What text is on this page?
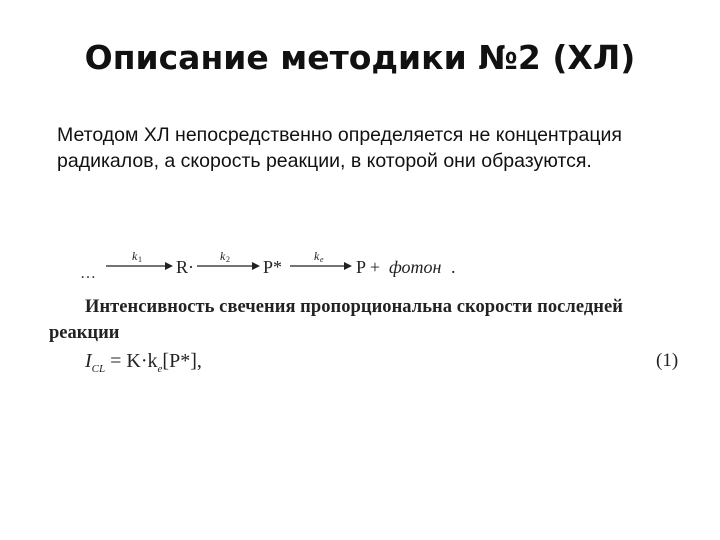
Описание методики №2 (ХЛ)
Методом ХЛ непосредственно определяется не концентрация радикалов, а скорость реакции, в которой они образуются.
…
k 1 R·
k 2 P*
k e P + фотон .
Интенсивность свечения пропорциональна скорости последней
реакции
$I_{CL} = K\cdot k_e[P*]$,	(1)
